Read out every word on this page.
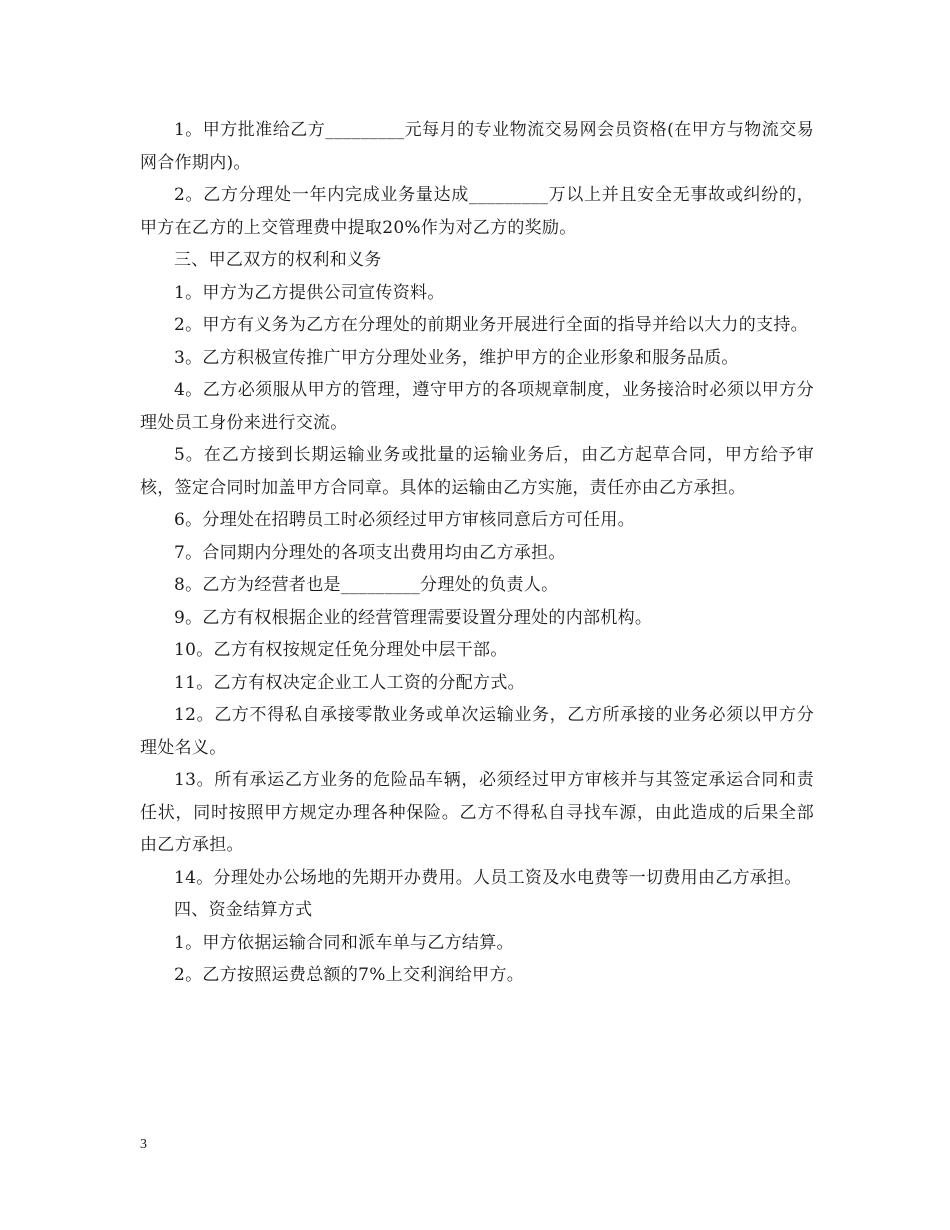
1。甲方批准给乙方_________元每月的专业物流交易网会员资格(在甲方与物流交易网合作期内)。

2。乙方分理处一年内完成业务量达成_________万以上并且安全无事故或纠纷的，甲方在乙方的上交管理费中提取20%作为对乙方的奖励。

三、甲乙双方的权利和义务

1。甲方为乙方提供公司宣传资料。

2。甲方有义务为乙方在分理处的前期业务开展进行全面的指导并给以大力的支持。

3。乙方积极宣传推广甲方分理处业务，维护甲方的企业形象和服务品质。

4。乙方必须服从甲方的管理，遵守甲方的各项规章制度，业务接洽时必须以甲方分理处员工身份来进行交流。

5。在乙方接到长期运输业务或批量的运输业务后，由乙方起草合同，甲方给予审核，签定合同时加盖甲方合同章。具体的运输由乙方实施，责任亦由乙方承担。

6。分理处在招聘员工时必须经过甲方审核同意后方可任用。

7。合同期内分理处的各项支出费用均由乙方承担。

8。乙方为经营者也是_________分理处的负责人。

9。乙方有权根据企业的经营管理需要设置分理处的内部机构。

10。乙方有权按规定任免分理处中层干部。

11。乙方有权决定企业工人工资的分配方式。

12。乙方不得私自承接零散业务或单次运输业务，乙方所承接的业务必须以甲方分理处名义。

13。所有承运乙方业务的危险品车辆，必须经过甲方审核并与其签定承运合同和责任状，同时按照甲方规定办理各种保险。乙方不得私自寻找车源，由此造成的后果全部由乙方承担。

14。分理处办公场地的先期开办费用。人员工资及水电费等一切费用由乙方承担。

四、资金结算方式

1。甲方依据运输合同和派车单与乙方结算。

2。乙方按照运费总额的7%上交利润给甲方。

3
